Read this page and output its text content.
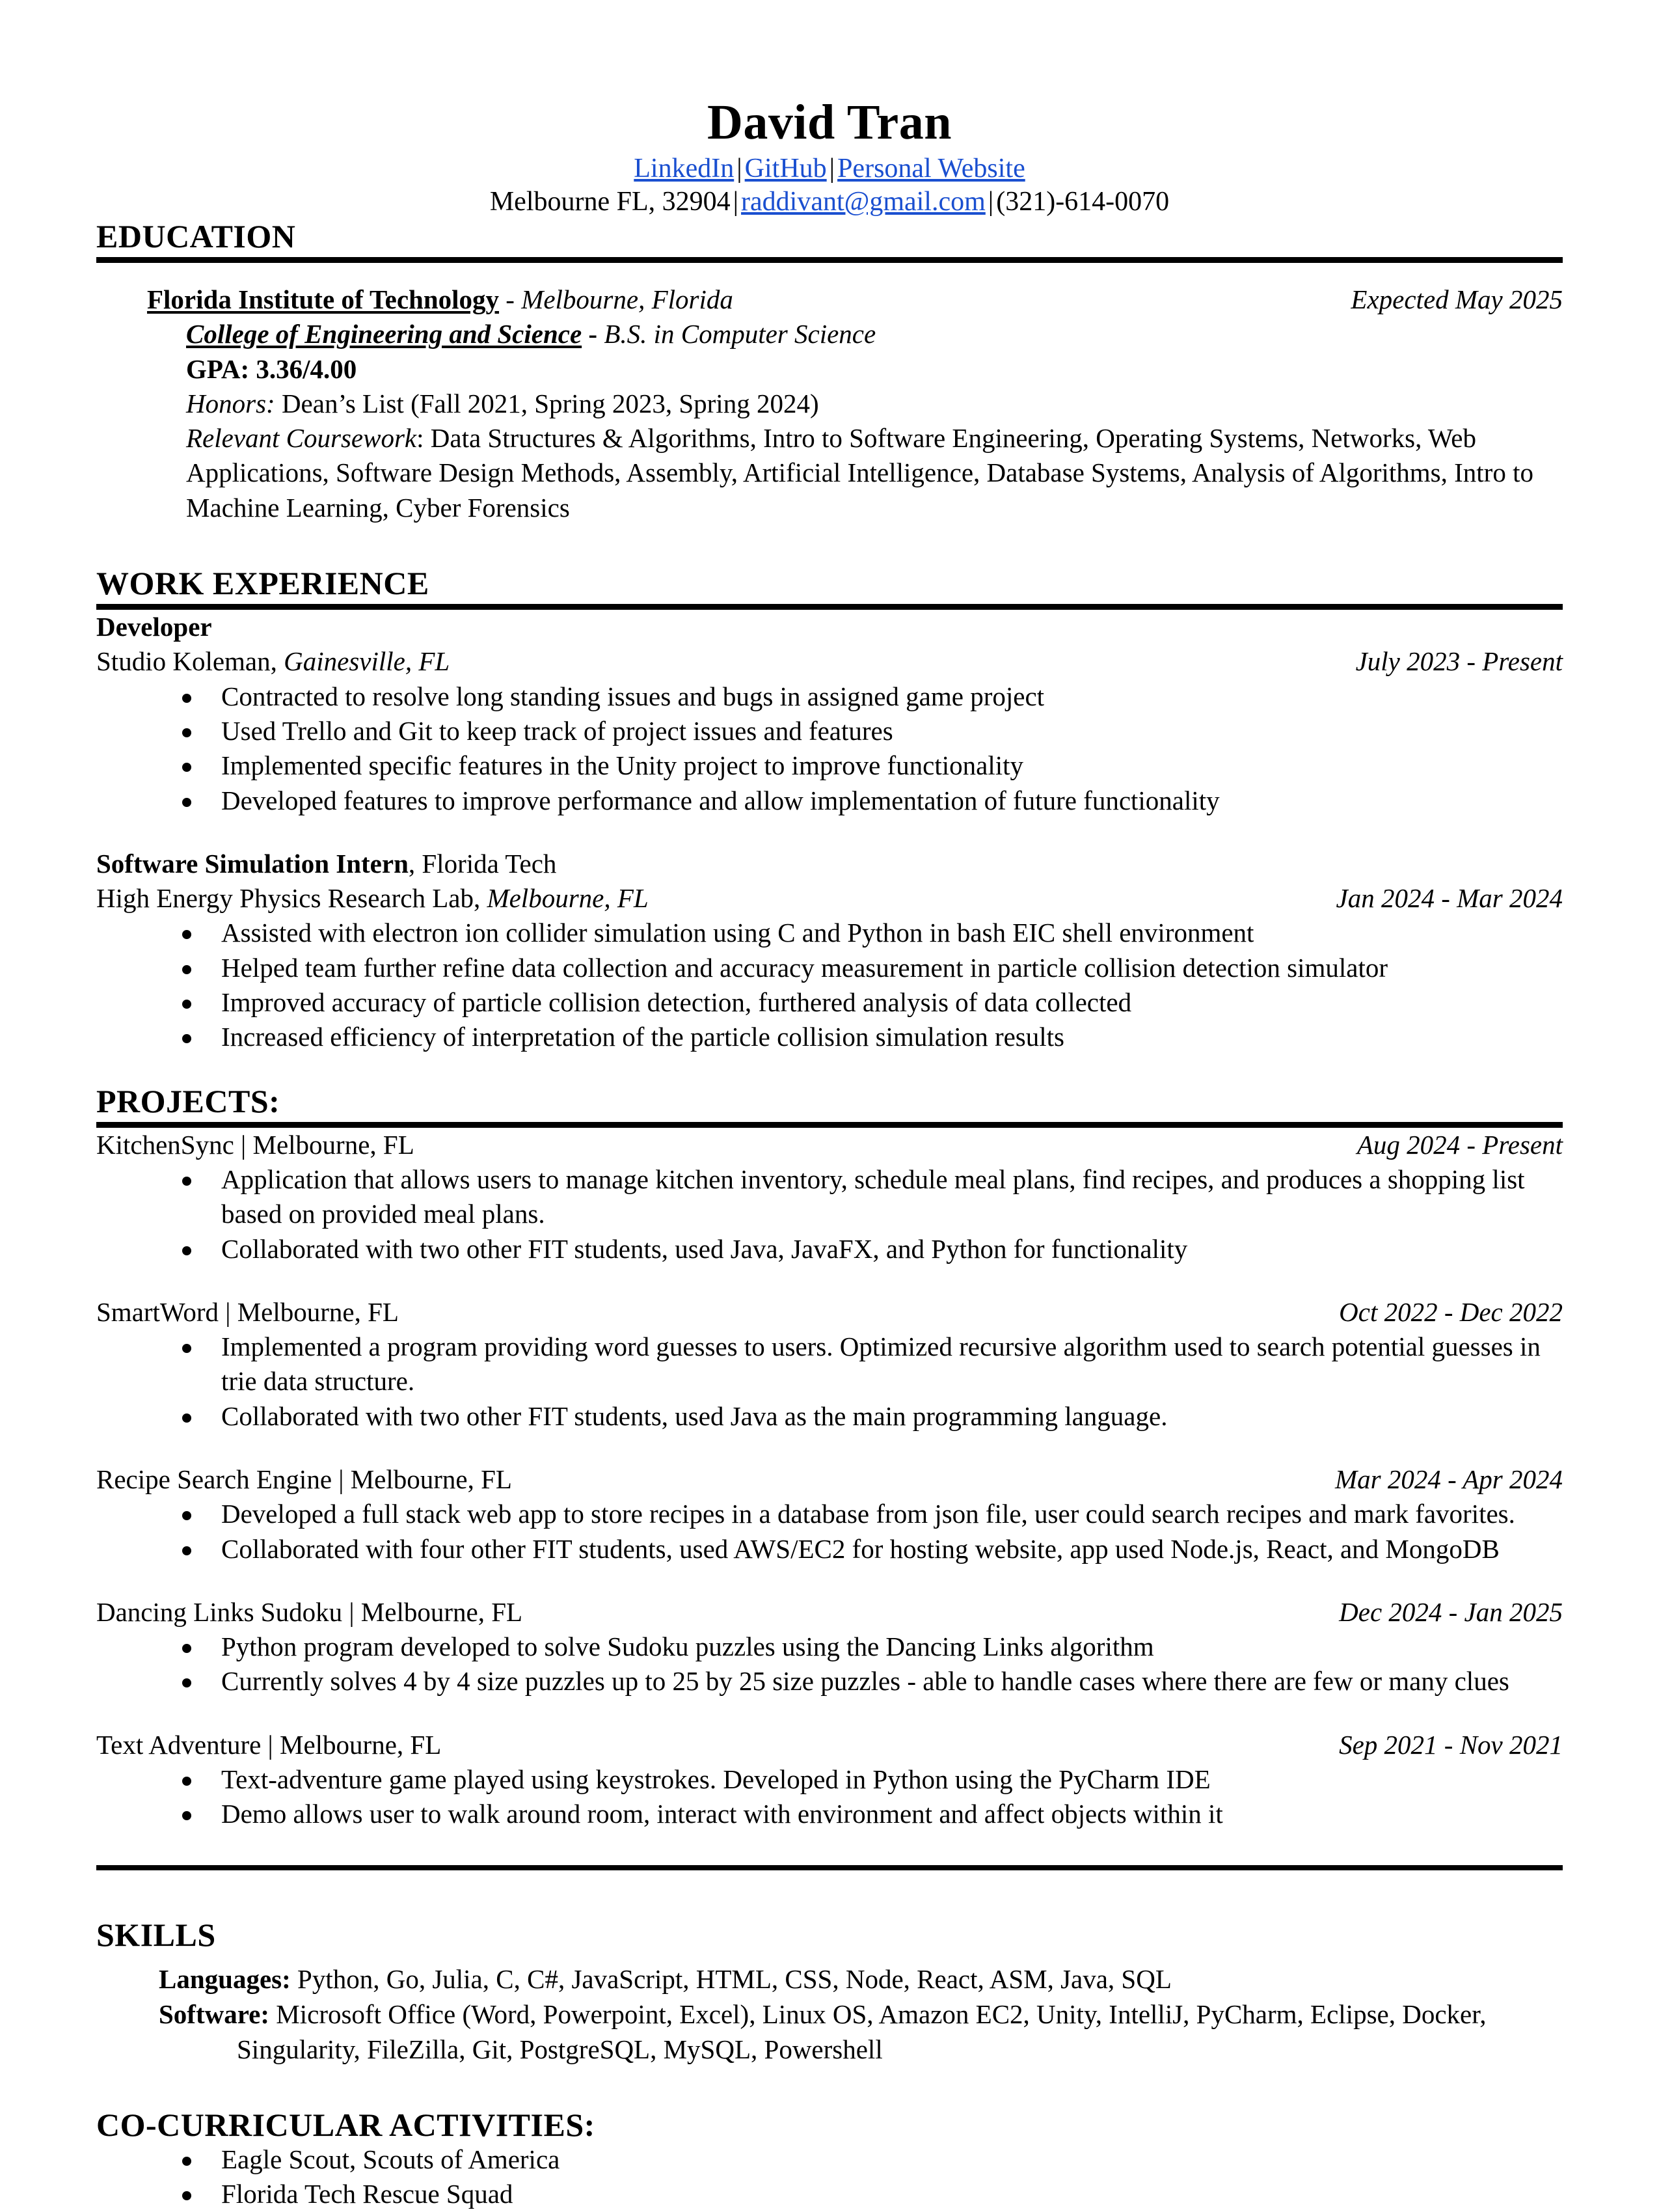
David Tran
LinkedIn|GitHub|Personal Website
Melbourne FL, 32904|raddivant@gmail.com|(321)-614-0070
EDUCATION
Florida Institute of Technology - Melbourne, Florida	Expected May 2025
College of Engineering and Science - B.S. in Computer Science
GPA: 3.36/4.00
Honors: Dean’s List (Fall 2021, Spring 2023, Spring 2024)
Relevant Coursework: Data Structures & Algorithms, Intro to Software Engineering, Operating Systems, Networks, Web Applications, Software Design Methods, Assembly, Artificial Intelligence, Database Systems, Analysis of Algorithms, Intro to Machine Learning, Cyber Forensics
WORK EXPERIENCE
Developer
Studio Koleman, Gainesville, FL	July 2023 - Present
Contracted to resolve long standing issues and bugs in assigned game project
Used Trello and Git to keep track of project issues and features
Implemented specific features in the Unity project to improve functionality
Developed features to improve performance and allow implementation of future functionality
Software Simulation Intern, Florida Tech
High Energy Physics Research Lab, Melbourne, FL	Jan 2024 - Mar 2024
Assisted with electron ion collider simulation using C and Python in bash EIC shell environment
Helped team further refine data collection and accuracy measurement in particle collision detection simulator
Improved accuracy of particle collision detection, furthered analysis of data collected
Increased efficiency of interpretation of the particle collision simulation results
PROJECTS:
KitchenSync | Melbourne, FL	Aug 2024 - Present
Application that allows users to manage kitchen inventory, schedule meal plans, find recipes, and produces a shopping list based on provided meal plans.
Collaborated with two other FIT students, used Java, JavaFX, and Python for functionality
SmartWord | Melbourne, FL	Oct 2022 - Dec 2022
Implemented a program providing word guesses to users. Optimized recursive algorithm used to search potential guesses in trie data structure.
Collaborated with two other FIT students, used Java as the main programming language.
Recipe Search Engine | Melbourne, FL	Mar 2024 - Apr 2024
Developed a full stack web app to store recipes in a database from json file, user could search recipes and mark favorites.
Collaborated with four other FIT students, used AWS/EC2 for hosting website, app used Node.js, React, and MongoDB
Dancing Links Sudoku | Melbourne, FL	Dec 2024 - Jan 2025
Python program developed to solve Sudoku puzzles using the Dancing Links algorithm
Currently solves 4 by 4 size puzzles up to 25 by 25 size puzzles - able to handle cases where there are few or many clues
Text Adventure | Melbourne, FL	Sep 2021 - Nov 2021
Text-adventure game played using keystrokes. Developed in Python using the PyCharm IDE
Demo allows user to walk around room, interact with environment and affect objects within it
SKILLS
Languages: Python, Go, Julia, C, C#, JavaScript, HTML, CSS, Node, React, ASM, Java, SQL
Software: Microsoft Office (Word, Powerpoint, Excel), Linux OS, Amazon EC2, Unity, IntelliJ, PyCharm, Eclipse, Docker, Singularity, FileZilla, Git, PostgreSQL, MySQL, Powershell
CO-CURRICULAR ACTIVITIES:
Eagle Scout, Scouts of America
Florida Tech Rescue Squad
